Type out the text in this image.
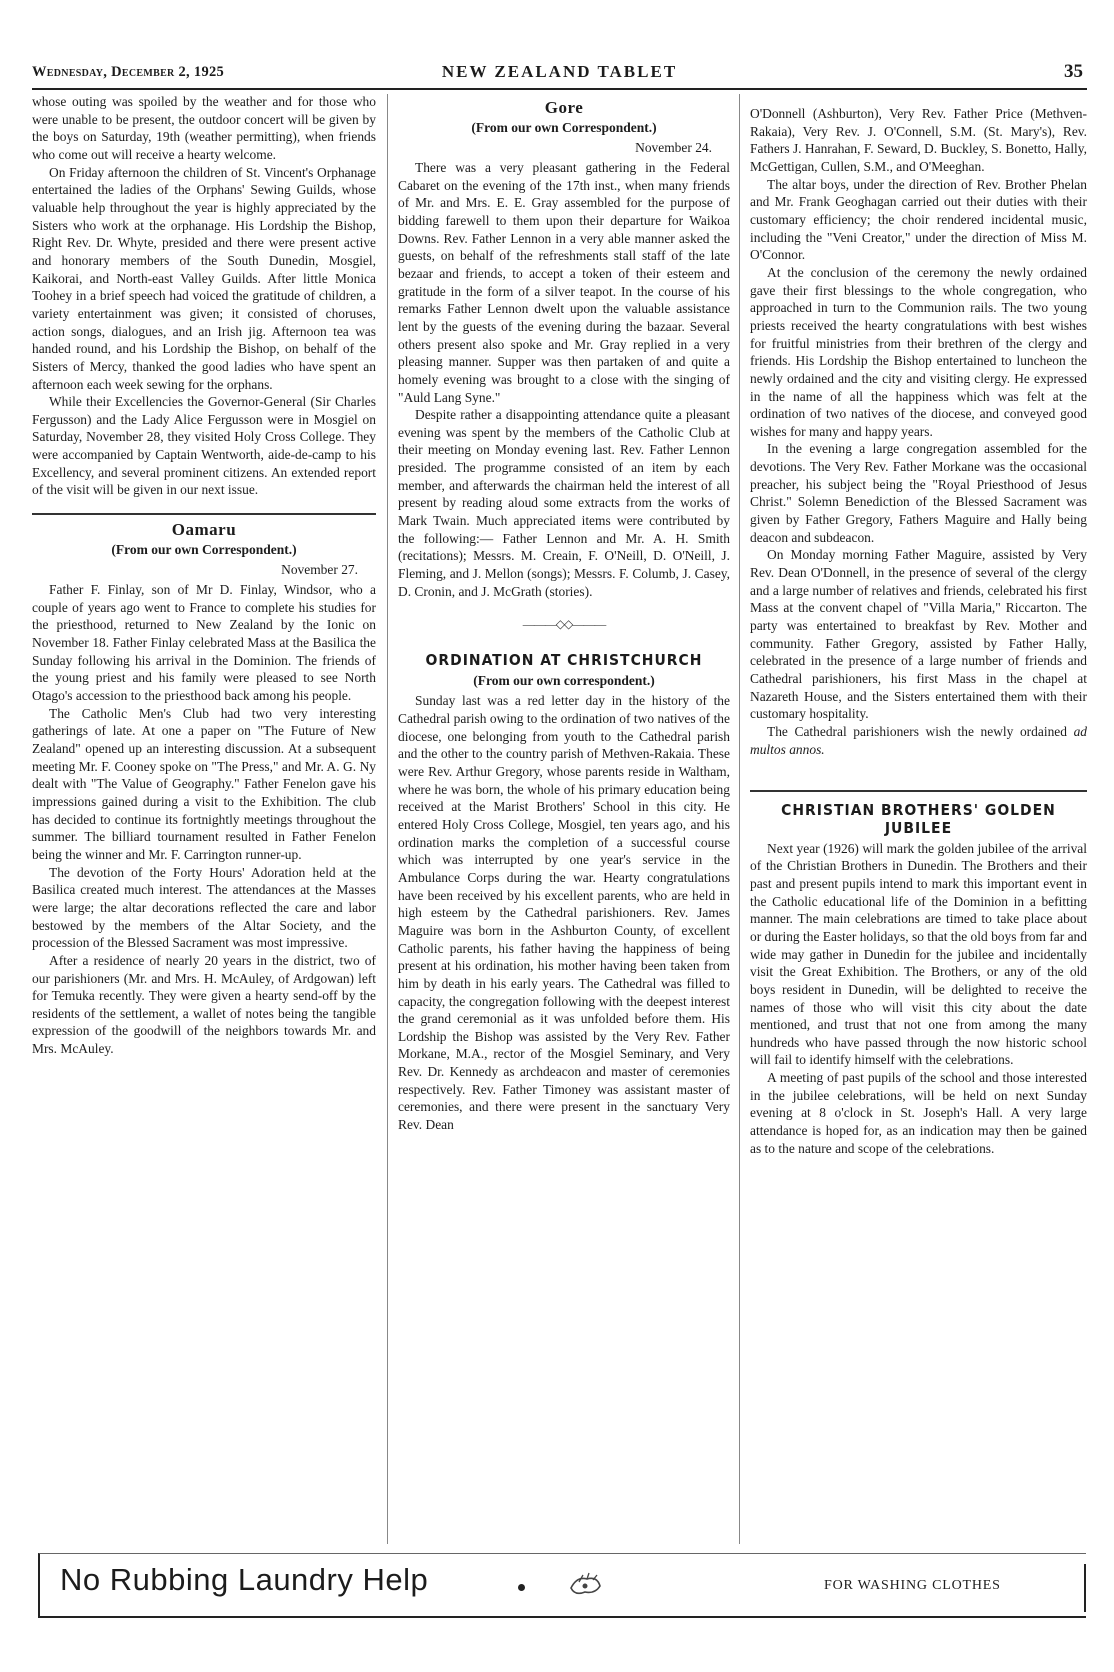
Wednesday, December 2, 1925	NEW ZEALAND TABLET	35

whose outing was spoiled by the weather and for those who were unable to be present, the outdoor concert will be given by the boys on Saturday, 19th (weather permitting), when friends who come out will receive a hearty welcome.

On Friday afternoon the children of St. Vincent's Orphanage entertained the ladies of the Orphans' Sewing Guilds, whose valuable help throughout the year is highly appreciated by the Sisters who work at the orphanage. His Lordship the Bishop, Right Rev. Dr. Whyte, presided and there were present active and honorary members of the South Dunedin, Mosgiel, Kaikorai, and North-east Valley Guilds. After little Monica Toohey in a brief speech had voiced the gratitude of children, a variety entertainment was given; it consisted of choruses, action songs, dialogues, and an Irish jig. Afternoon tea was handed round, and his Lordship the Bishop, on behalf of the Sisters of Mercy, thanked the good ladies who have spent an afternoon each week sewing for the orphans.

While their Excellencies the Governor-General (Sir Charles Fergusson) and the Lady Alice Fergusson were in Mosgiel on Saturday, November 28, they visited Holy Cross College. They were accompanied by Captain Wentworth, aide-de-camp to his Excellency, and several prominent citizens. An extended report of the visit will be given in our next issue.

Oamaru
(From our own Correspondent.)
November 27.

Father F. Finlay, son of Mr D. Finlay, Windsor, who a couple of years ago went to France to complete his studies for the priesthood, returned to New Zealand by the Ionic on November 18. Father Finlay celebrated Mass at the Basilica the Sunday following his arrival in the Dominion. The friends of the young priest and his family were pleased to see North Otago's accession to the priesthood back among his people.

The Catholic Men's Club had two very interesting gatherings of late. At one a paper on "The Future of New Zealand" opened up an interesting discussion. At a subsequent meeting Mr. F. Cooney spoke on "The Press," and Mr. A. G. Ny dealt with "The Value of Geography." Father Fenelon gave his impressions gained during a visit to the Exhibition. The club has decided to continue its fortnightly meetings throughout the summer. The billiard tournament resulted in Father Fenelon being the winner and Mr. F. Carrington runner-up.

The devotion of the Forty Hours' Adoration held at the Basilica created much interest. The attendances at the Masses were large; the altar decorations reflected the care and labor bestowed by the members of the Altar Society, and the procession of the Blessed Sacrament was most impressive.

After a residence of nearly 20 years in the district, two of our parishioners (Mr. and Mrs. H. McAuley, of Ardgowan) left for Temuka recently. They were given a hearty send-off by the residents of the settlement, a wallet of notes being the tangible expression of the goodwill of the neighbors towards Mr. and Mrs. McAuley.

Gore
(From our own Correspondent.)
November 24.

There was a very pleasant gathering in the Federal Cabaret on the evening of the 17th inst., when many friends of Mr. and Mrs. E. E. Gray assembled for the purpose of bidding farewell to them upon their departure for Waikoa Downs. Rev. Father Lennon in a very able manner asked the guests, on behalf of the refreshments stall staff of the late bezaar and friends, to accept a token of their esteem and gratitude in the form of a silver teapot. In the course of his remarks Father Lennon dwelt upon the valuable assistance lent by the guests of the evening during the bazaar. Several others present also spoke and Mr. Gray replied in a very pleasing manner. Supper was then partaken of and quite a homely evening was brought to a close with the singing of "Auld Lang Syne."

Despite rather a disappointing attendance quite a pleasant evening was spent by the members of the Catholic Club at their meeting on Monday evening last. Rev. Father Lennon presided. The programme consisted of an item by each member, and afterwards the chairman held the interest of all present by reading aloud some extracts from the works of Mark Twain. Much appreciated items were contributed by the following:— Father Lennon and Mr. A. H. Smith (recitations); Messrs. M. Creain, F. O'Neill, D. O'Neill, J. Fleming, and J. Mellon (songs); Messrs. F. Columb, J. Casey, D. Cronin, and J. McGrath (stories).

———◇◇———
ORDINATION AT CHRISTCHURCH
(From our own correspondent.)

Sunday last was a red letter day in the history of the Cathedral parish owing to the ordination of two natives of the diocese, one belonging from youth to the Cathedral parish and the other to the country parish of Methven-Rakaia. These were Rev. Arthur Gregory, whose parents reside in Waltham, where he was born, the whole of his primary education being received at the Marist Brothers' School in this city. He entered Holy Cross College, Mosgiel, ten years ago, and his ordination marks the completion of a successful course which was interrupted by one year's service in the Ambulance Corps during the war. Hearty congratulations have been received by his excellent parents, who are held in high esteem by the Cathedral parishioners. Rev. James Maguire was born in the Ashburton County, of excellent Catholic parents, his father having the happiness of being present at his ordination, his mother having been taken from him by death in his early years. The Cathedral was filled to capacity, the congregation following with the deepest interest the grand ceremonial as it was unfolded before them. His Lordship the Bishop was assisted by the Very Rev. Father Morkane, M.A., rector of the Mosgiel Seminary, and Very Rev. Dr. Kennedy as archdeacon and master of ceremonies respectively. Rev. Father Timoney was assistant master of ceremonies, and there were present in the sanctuary Very Rev. Dean

O'Donnell (Ashburton), Very Rev. Father Price (Methven-Rakaia), Very Rev. J. O'Connell, S.M. (St. Mary's), Rev. Fathers J. Hanrahan, F. Seward, D. Buckley, S. Bonetto, Hally, McGettigan, Cullen, S.M., and O'Meeghan.

The altar boys, under the direction of Rev. Brother Phelan and Mr. Frank Geoghagan carried out their duties with their customary efficiency; the choir rendered incidental music, including the "Veni Creator," under the direction of Miss M. O'Connor.

At the conclusion of the ceremony the newly ordained gave their first blessings to the whole congregation, who approached in turn to the Communion rails. The two young priests received the hearty congratulations with best wishes for fruitful ministries from their brethren of the clergy and friends. His Lordship the Bishop entertained to luncheon the newly ordained and the city and visiting clergy. He expressed in the name of all the happiness which was felt at the ordination of two natives of the diocese, and conveyed good wishes for many and happy years.

In the evening a large congregation assembled for the devotions. The Very Rev. Father Morkane was the occasional preacher, his subject being the "Royal Priesthood of Jesus Christ." Solemn Benediction of the Blessed Sacrament was given by Father Gregory, Fathers Maguire and Hally being deacon and subdeacon.

On Monday morning Father Maguire, assisted by Very Rev. Dean O'Donnell, in the presence of several of the clergy and a large number of relatives and friends, celebrated his first Mass at the convent chapel of "Villa Maria," Riccarton. The party was entertained to breakfast by Rev. Mother and community. Father Gregory, assisted by Father Hally, celebrated in the presence of a large number of friends and Cathedral parishioners, his first Mass in the chapel at Nazareth House, and the Sisters entertained them with their customary hospitality.

The Cathedral parishioners wish the newly ordained ad multos annos.

CHRISTIAN BROTHERS' GOLDEN JUBILEE

Next year (1926) will mark the golden jubilee of the arrival of the Christian Brothers in Dunedin. The Brothers and their past and present pupils intend to mark this important event in the Catholic educational life of the Dominion in a befitting manner. The main celebrations are timed to take place about or during the Easter holidays, so that the old boys from far and wide may gather in Dunedin for the jubilee and incidentally visit the Great Exhibition. The Brothers, or any of the old boys resident in Dunedin, will be delighted to receive the names of those who will visit this city about the date mentioned, and trust that not one from among the many hundreds who have passed through the now historic school will fail to identify himself with the celebrations.

A meeting of past pupils of the school and those interested in the jubilee celebrations, will be held on next Sunday evening at 8 o'clock in St. Joseph's Hall. A very large attendance is hoped for, as an indication may then be gained as to the nature and scope of the celebrations.

No Rubbing Laundry Help	FOR WASHING CLOTHES
